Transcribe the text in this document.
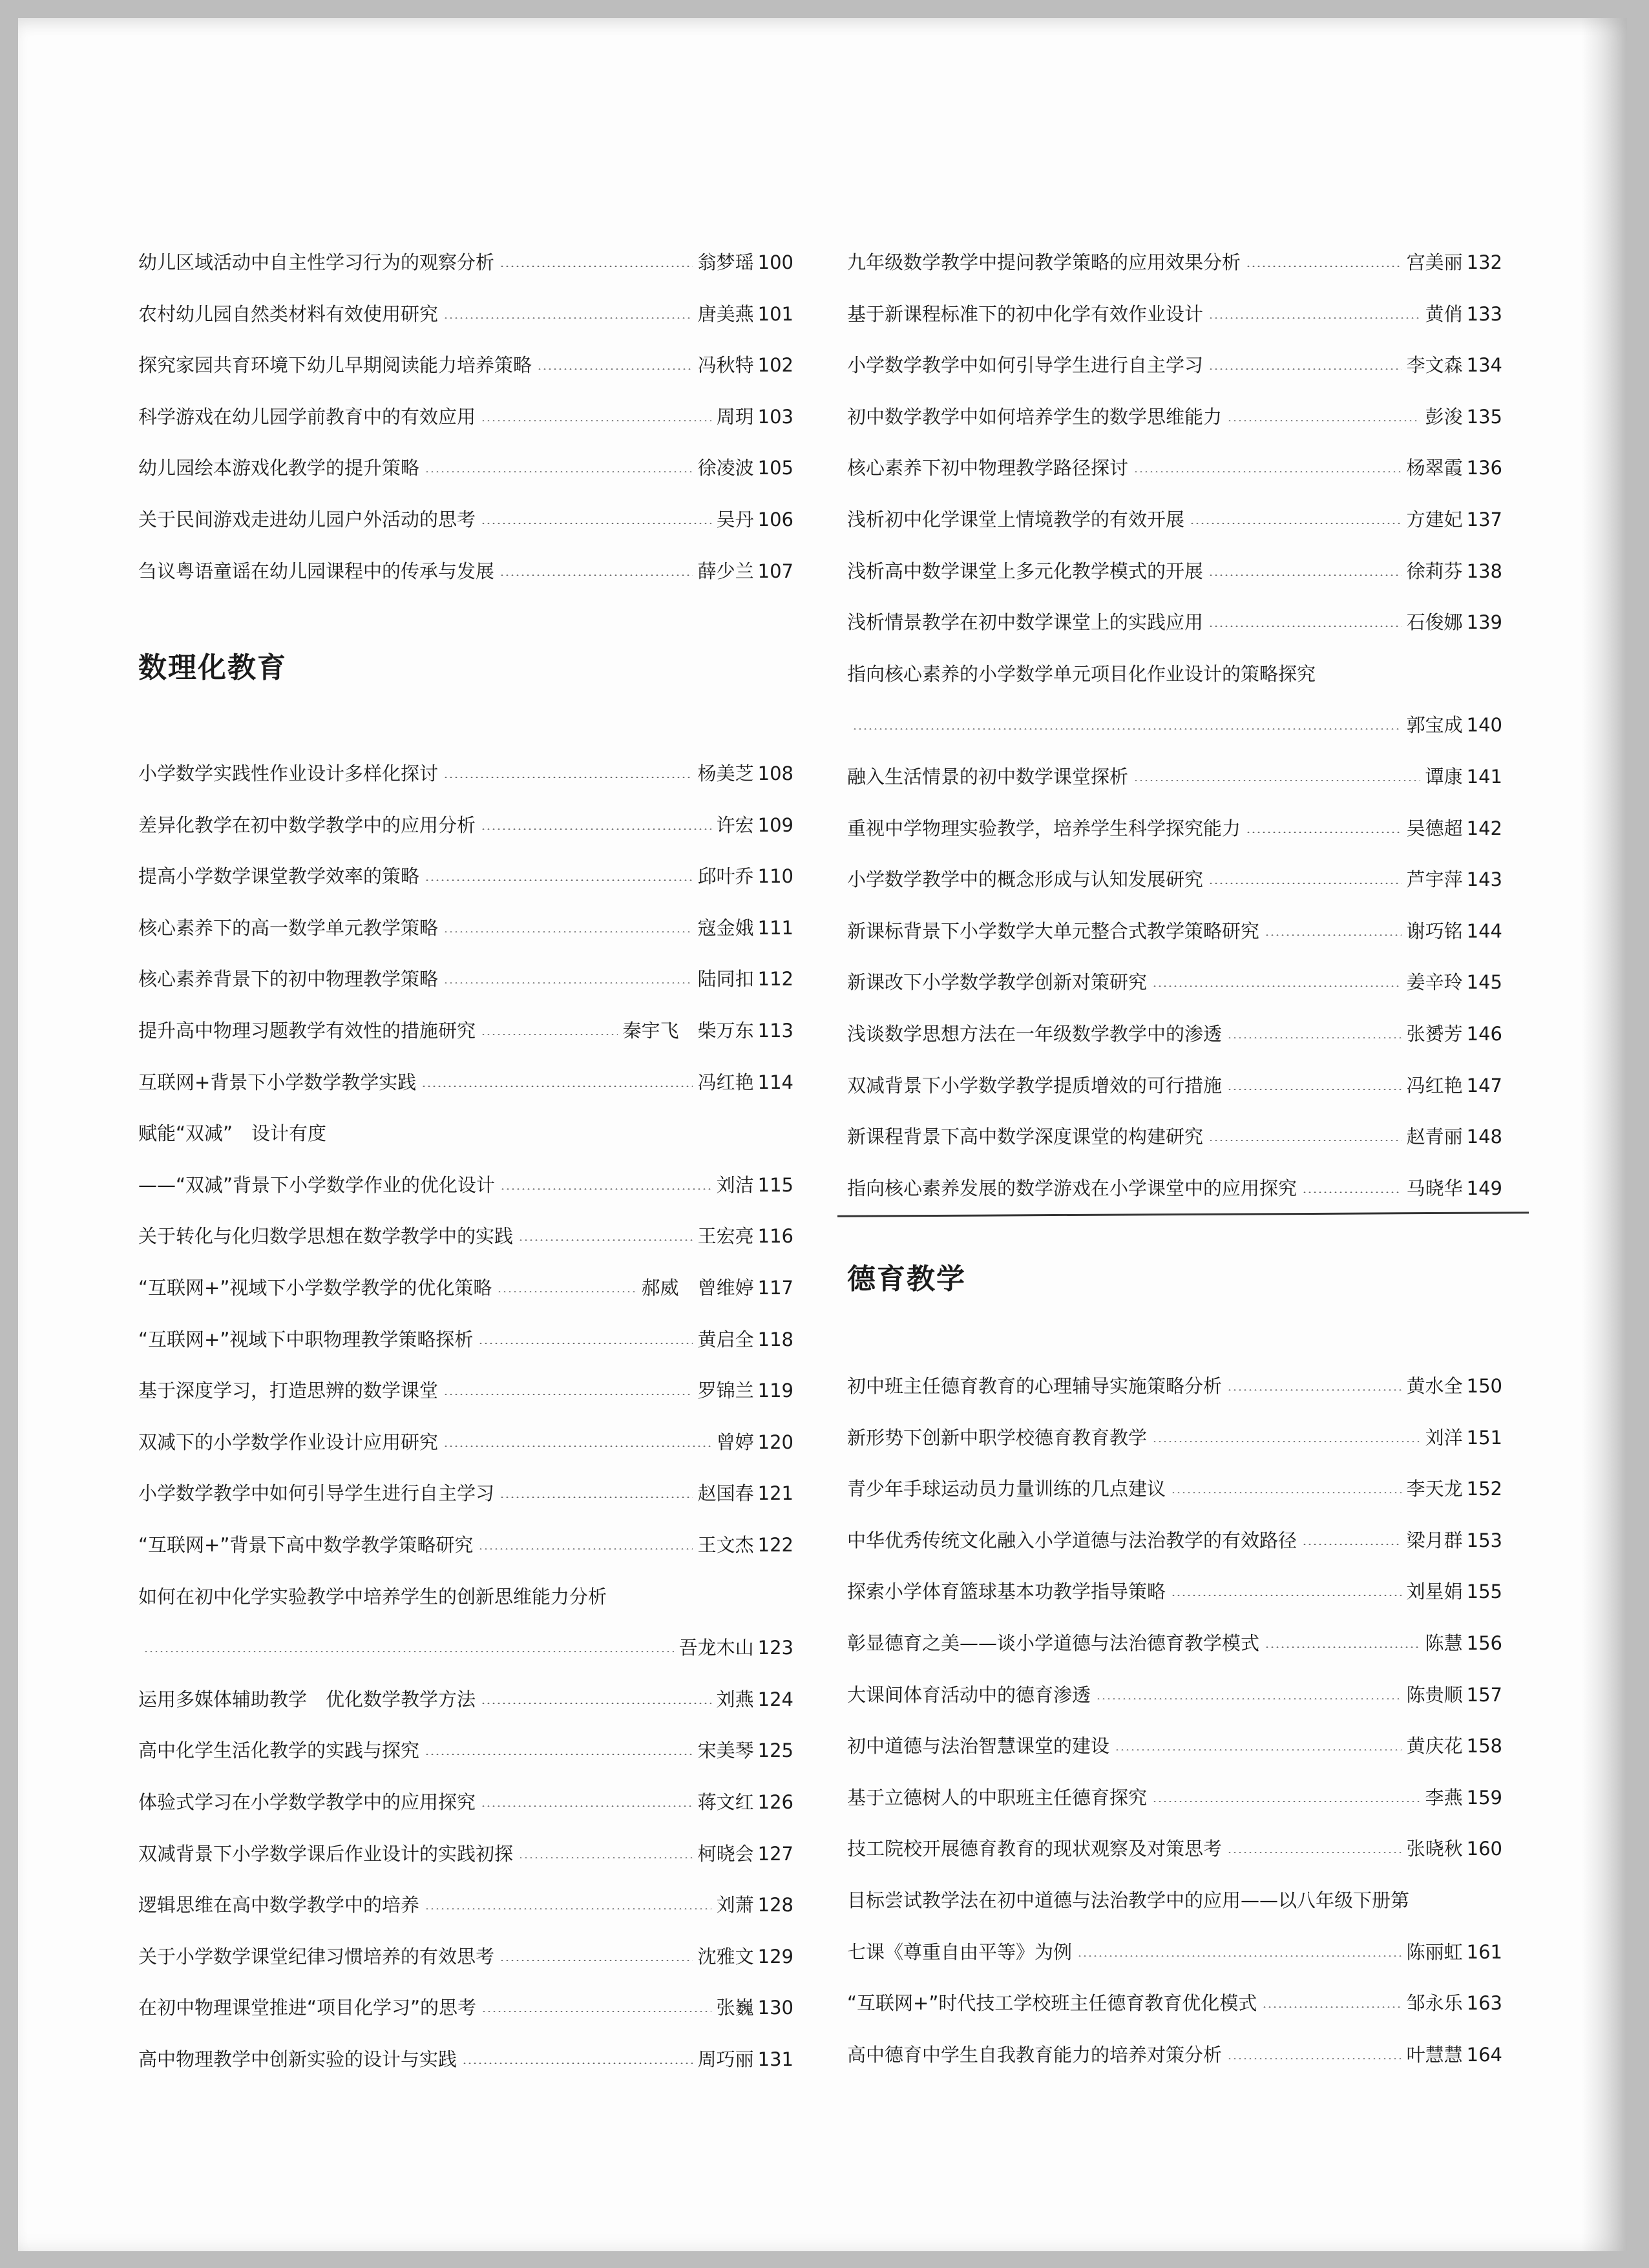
幼儿区域活动中自主性学习行为的观察分析	翁梦瑶 100
农村幼儿园自然类材料有效使用研究	唐美燕 101
探究家园共育环境下幼儿早期阅读能力培养策略	冯秋特 102
科学游戏在幼儿园学前教育中的有效应用	周玥 103
幼儿园绘本游戏化教学的提升策略	徐凌波 105
关于民间游戏走进幼儿园户外活动的思考	吴丹 106
刍议粤语童谣在幼儿园课程中的传承与发展	薛少兰 107
数理化教育
小学数学实践性作业设计多样化探讨	杨美芝 108
差异化教学在初中数学教学中的应用分析	许宏 109
提高小学数学课堂教学效率的策略	邱叶乔 110
核心素养下的高一数学单元教学策略	寇金娥 111
核心素养背景下的初中物理教学策略	陆同扣 112
提升高中物理习题教学有效性的措施研究	秦宇飞　柴万东 113
互联网+背景下小学数学教学实践	冯红艳 114
赋能“双减”　设计有度
——“双减”背景下小学数学作业的优化设计	刘洁 115
关于转化与化归数学思想在数学教学中的实践	王宏亮 116
“互联网+”视域下小学数学教学的优化策略	郝威　曾维婷 117
“互联网+”视域下中职物理教学策略探析	黄启全 118
基于深度学习，打造思辨的数学课堂	罗锦兰 119
双减下的小学数学作业设计应用研究	曾婷 120
小学数学教学中如何引导学生进行自主学习	赵国春 121
“互联网+”背景下高中数学教学策略研究	王文杰 122
如何在初中化学实验教学中培养学生的创新思维能力分析
吾龙木山 123
运用多媒体辅助教学　优化数学教学方法	刘燕 124
高中化学生活化教学的实践与探究	宋美琴 125
体验式学习在小学数学教学中的应用探究	蒋文红 126
双减背景下小学数学课后作业设计的实践初探	柯晓会 127
逻辑思维在高中数学教学中的培养	刘萧 128
关于小学数学课堂纪律习惯培养的有效思考	沈雅文 129
在初中物理课堂推进“项目化学习”的思考	张巍 130
高中物理教学中创新实验的设计与实践	周巧丽 131
九年级数学教学中提问教学策略的应用效果分析	宫美丽 132
基于新课程标准下的初中化学有效作业设计	黄俏 133
小学数学教学中如何引导学生进行自主学习	李文森 134
初中数学教学中如何培养学生的数学思维能力	彭浚 135
核心素养下初中物理教学路径探讨	杨翠霞 136
浅析初中化学课堂上情境教学的有效开展	方建妃 137
浅析高中数学课堂上多元化教学模式的开展	徐莉芬 138
浅析情景教学在初中数学课堂上的实践应用	石俊娜 139
指向核心素养的小学数学单元项目化作业设计的策略探究
郭宝成 140
融入生活情景的初中数学课堂探析	谭康 141
重视中学物理实验教学，培养学生科学探究能力	吴德超 142
小学数学教学中的概念形成与认知发展研究	芦宇萍 143
新课标背景下小学数学大单元整合式教学策略研究	谢巧铭 144
新课改下小学数学教学创新对策研究	姜辛玲 145
浅谈数学思想方法在一年级数学教学中的渗透	张赟芳 146
双减背景下小学数学教学提质增效的可行措施	冯红艳 147
新课程背景下高中数学深度课堂的构建研究	赵青丽 148
指向核心素养发展的数学游戏在小学课堂中的应用探究	马晓华 149
德育教学
初中班主任德育教育的心理辅导实施策略分析	黄水全 150
新形势下创新中职学校德育教育教学	刘洋 151
青少年手球运动员力量训练的几点建议	李天龙 152
中华优秀传统文化融入小学道德与法治教学的有效路径	梁月群 153
探索小学体育篮球基本功教学指导策略	刘星娟 155
彰显德育之美——谈小学道德与法治德育教学模式	陈慧 156
大课间体育活动中的德育渗透	陈贵顺 157
初中道德与法治智慧课堂的建设	黄庆花 158
基于立德树人的中职班主任德育探究	李燕 159
技工院校开展德育教育的现状观察及对策思考	张晓秋 160
目标尝试教学法在初中道德与法治教学中的应用——以八年级下册第
七课《尊重自由平等》为例	陈丽虹 161
“互联网+”时代技工学校班主任德育教育优化模式	邹永乐 163
高中德育中学生自我教育能力的培养对策分析	叶慧慧 164
